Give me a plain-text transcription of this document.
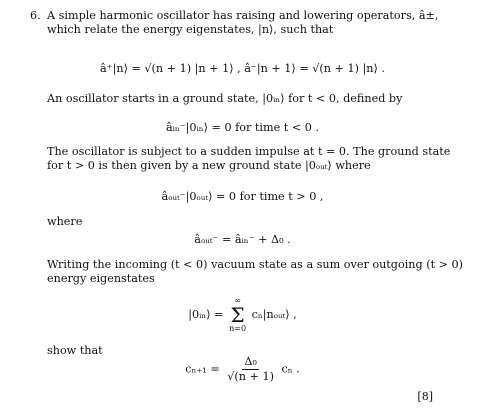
6. A simple harmonic oscillator has raising and lowering operators, â±, which relate the energy eigenstates, |n⟩, such that
â⁺|n⟩ = √(n + 1) |n + 1⟩ , â⁻|n + 1⟩ = √(n + 1) |n⟩ .
An oscillator starts in a ground state, |0ᵢₙ⟩ for t < 0, defined by
âᵢₙ⁻|0ᵢₙ⟩ = 0 for time t < 0 .
The oscillator is subject to a sudden impulse at t = 0. The ground state for t > 0 is then given by a new ground state |0ₒᵤₜ⟩ where
âₒᵤₜ⁻|0ₒᵤₜ⟩ = 0 for time t > 0 ,
where
âₒᵤₜ⁻ = âᵢₙ⁻ + Δ₀ .
Writing the incoming (t < 0) vacuum state as a sum over outgoing (t > 0) energy eigenstates
|0ᵢₙ⟩ =
∞
Σ
n=0
cₙ|nₒᵤₜ⟩ ,
show that
$c_{n+1} = \frac{\text{Δ₀}}{√(n + 1)}$ cₙ .
[8]
